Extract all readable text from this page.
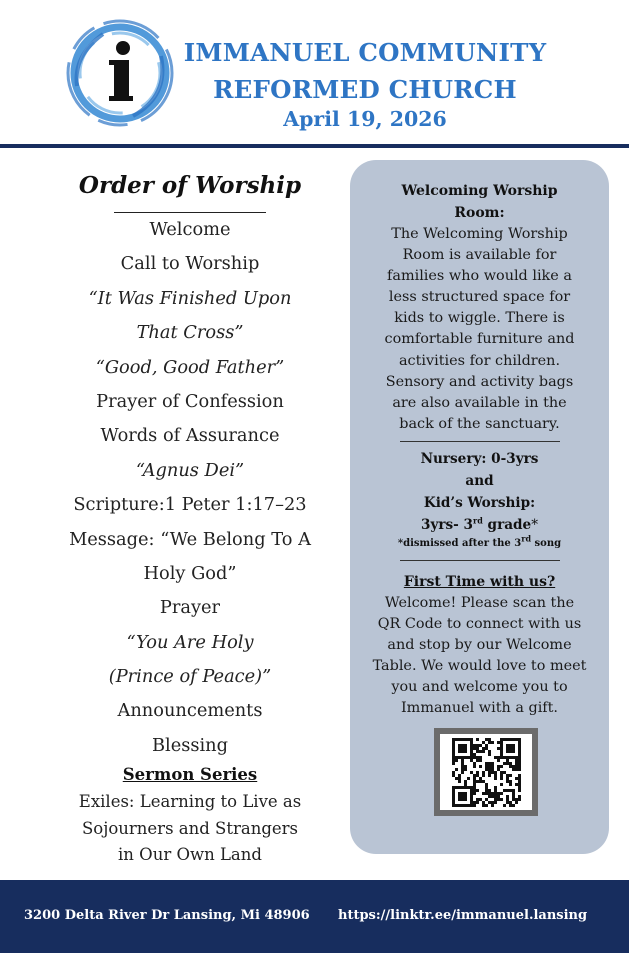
IMMANUEL COMMUNITY
REFORMED CHURCH
April 19, 2026
Order of Worship
Welcome
Call to Worship
“It Was Finished Upon
That Cross”
“Good, Good Father”
Prayer of Confession
Words of Assurance
“Agnus Dei”
Scripture:1 Peter 1:17–23
Message: “We Belong To A
Holy God”
Prayer
“You Are Holy
(Prince of Peace)”
Announcements
Blessing
Sermon Series
Exiles: Learning to Live as
Sojourners and Strangers
in Our Own Land
Welcoming Worship
Room:
The Welcoming Worship
Room is available for
families who would like a
less structured space for
kids to wiggle. There is
comfortable furniture and
activities for children.
Sensory and activity bags
are also available in the
back of the sanctuary.
Nursery: 0-3yrs
and
Kid’s Worship:
3yrs- 3rd grade*
*dismissed after the 3rd song
First Time with us?
Welcome! Please scan the
QR Code to connect with us
and stop by our Welcome
Table. We would love to meet
you and welcome you to
Immanuel with a gift.
3200 Delta River Dr Lansing, Mi 48906 https://linktr.ee/immanuel.lansing
